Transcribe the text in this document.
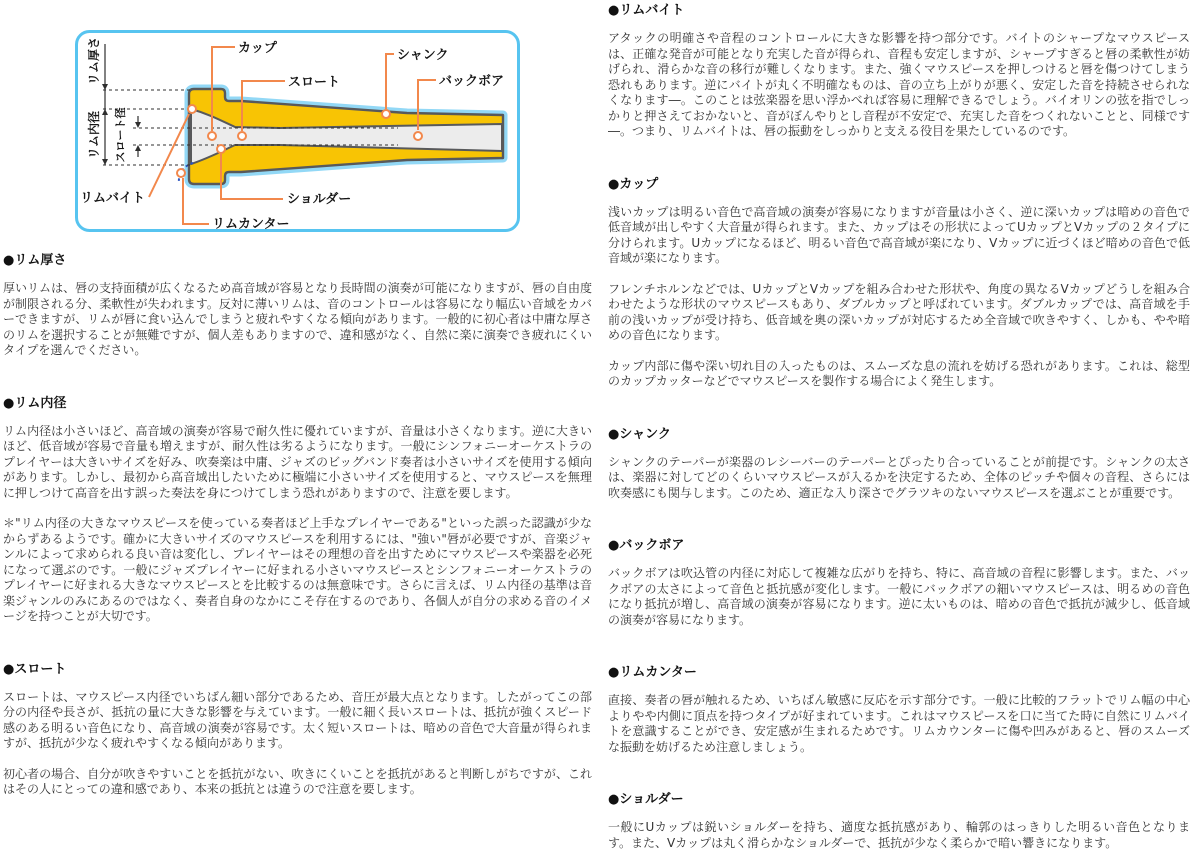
カップ
スロート
シャンク
バックボア
リムバイト
リムカンター
ショルダー
リム厚さ
リム内径 スロート径
●リム厚さ

厚いリムは、唇の支持面積が広くなるため高音域が容易となり長時間の演奏が可能になりますが、唇の自由度が制限される分、柔軟性が失われます。反対に薄いリムは、音のコントロールは容易になり幅広い音域をカバーできますが、リムが唇に食い込んでしまうと疲れやすくなる傾向があります。一般的に初心者は中庸な厚さのリムを選択することが無難ですが、個人差もありますので、違和感がなく、自然に楽に演奏でき疲れにくいタイプを選んでください。

●リム内径

リム内径は小さいほど、高音域の演奏が容易で耐久性に優れていますが、音量は小さくなります。逆に大きいほど、低音域が容易で音量も増えますが、耐久性は劣るようになります。一般にシンフォニーオーケストラのプレイヤーは大きいサイズを好み、吹奏楽は中庸、ジャズのビッグバンド奏者は小さいサイズを使用する傾向があります。しかし、最初から高音域出したいために極端に小さいサイズを使用すると、マウスピースを無理に押しつけて高音を出す誤った奏法を身につけてしまう恐れがありますので、注意を要します。

＊"リム内径の大きなマウスピースを使っている奏者ほど上手なプレイヤーである"といった誤った認識が少なからずあるようです。確かに大きいサイズのマウスピースを利用するには、"強い"唇が必要ですが、音楽ジャンルによって求められる良い音は変化し、プレイヤーはその理想の音を出すためにマウスピースや楽器を必死になって選ぶのです。一般にジャズプレイヤーに好まれる小さいマウスピースとシンフォニーオーケストラのプレイヤーに好まれる大きなマウスピースとを比較するのは無意味です。さらに言えば、リム内径の基準は音楽ジャンルのみにあるのではなく、奏者自身のなかにこそ存在するのであり、各個人が自分の求める音のイメージを持つことが大切です。

●スロート

スロートは、マウスピース内径でいちばん細い部分であるため、音圧が最大点となります。したがってこの部分の内径や長さが、抵抗の量に大きな影響を与えています。一般に細く長いスロートは、抵抗が強くスピード感のある明るい音色になり、高音域の演奏が容易です。太く短いスロートは、暗めの音色で大音量が得られますが、抵抗が少なく疲れやすくなる傾向があります。

初心者の場合、自分が吹きやすいことを抵抗がない、吹きにくいことを抵抗があると判断しがちですが、これはその人にとっての違和感であり、本来の抵抗とは違うので注意を要します。

●リムバイト

アタックの明確さや音程のコントロールに大きな影響を持つ部分です。バイトのシャープなマウスピースは、正確な発音が可能となり充実した音が得られ、音程も安定しますが、シャープすぎると唇の柔軟性が妨げられ、滑らかな音の移行が難しくなります。また、強くマウスピースを押しつけると唇を傷つけてしまう恐れもあります。逆にバイトが丸く不明確なものは、音の立ち上がりが悪く、安定した音を持続させられなくなります―。このことは弦楽器を思い浮かべれば容易に理解できるでしょう。バイオリンの弦を指でしっかりと押さえておかないと、音がぼんやりとし音程が不安定で、充実した音をつくれないことと、同様です―。つまり、リムバイトは、唇の振動をしっかりと支える役目を果たしているのです。

●カップ

浅いカップは明るい音色で高音域の演奏が容易になりますが音量は小さく、逆に深いカップは暗めの音色で低音域が出しやすく大音量が得られます。また、カップはその形状によってUカップとVカップの２タイプに分けられます。Uカップになるほど、明るい音色で高音域が楽になり、Vカップに近づくほど暗めの音色で低音域が楽になります。

フレンチホルンなどでは、UカップとVカップを組み合わせた形状や、角度の異なるVカップどうしを組み合わせたような形状のマウスピースもあり、ダブルカップと呼ばれています。ダブルカップでは、高音域を手前の浅いカップが受け持ち、低音域を奥の深いカップが対応するため全音域で吹きやすく、しかも、やや暗めの音色になります。

カップ内部に傷や深い切れ目の入ったものは、スムーズな息の流れを妨げる恐れがあります。これは、総型のカップカッターなどでマウスピースを製作する場合によく発生します。

●シャンク

シャンクのテーパーが楽器のレシーバーのテーパーとぴったり合っていることが前提です。シャンクの太さは、楽器に対してどのくらいマウスピースが入るかを決定するため、全体のピッチや個々の音程、さらには吹奏感にも関与します。このため、適正な入り深さでグラツキのないマウスピースを選ぶことが重要です。

●バックボア

バックボアは吹込管の内径に対応して複雑な広がりを持ち、特に、高音域の音程に影響します。また、バックボアの太さによって音色と抵抗感が変化します。一般にバックボアの細いマウスピースは、明るめの音色になり抵抗が増し、高音域の演奏が容易になります。逆に太いものは、暗めの音色で抵抗が減少し、低音域の演奏が容易になります。

●リムカンター

直接、奏者の唇が触れるため、いちばん敏感に反応を示す部分です。一般に比較的フラットでリム幅の中心よりやや内側に頂点を持つタイプが好まれています。これはマウスピースを口に当てた時に自然にリムバイトを意識することができ、安定感が生まれるためです。リムカウンターに傷や凹みがあると、唇のスムーズな振動を妨げるため注意しましょう。

●ショルダー

一般にUカップは鋭いショルダーを持ち、適度な抵抗感があり、輪郭のはっきりした明るい音色となります。また、Vカップは丸く滑らかなショルダーで、抵抗が少なく柔らかで暗い響きになります。
